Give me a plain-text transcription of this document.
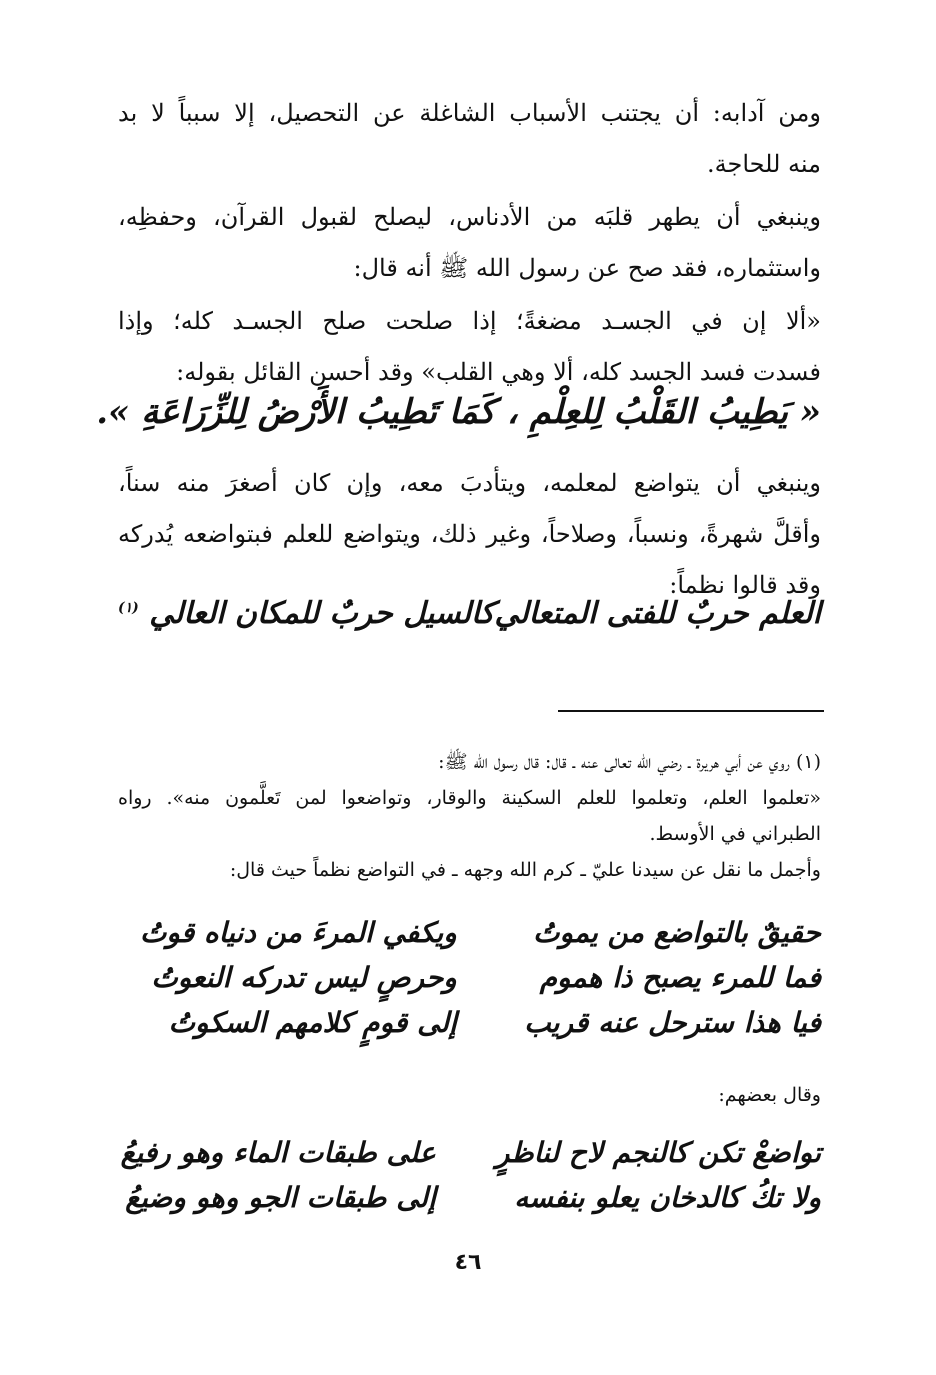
ومن آدابه: أن يجتنب الأسباب الشاغلة عن التحصيل، إلا سبباً لا بد
منه للحاجة.

وينبغي أن يطهر قلبَه من الأدناس، ليصلح لقبول القرآن، وحفظِه،
واستثماره، فقد صح عن رسول الله ﷺ أنه قال:

«ألا إن في الجسـد مضغةً؛ إذا صلحت صلح الجسـد كله؛ وإذا
فسدت فسد الجسد كله، ألا وهي القلب» وقد أحسن القائل بقوله:

« يَطِيبُ القَلْبُ لِلعِلْمِ ، كَمَا تَطِيبُ الأَرْضُ لِلزِّرَاعَةِ ».

وينبغي أن يتواضع لمعلمه، ويتأدبَ معه، وإن كان أصغرَ منه سناً،
وأقلَّ شهرةً، ونسباً، وصلاحاً، وغير ذلك، ويتواضع للعلم فبتواضعه يُدركه
وقد قالوا نظماً:

العلم حربٌ للفتى المتعالي
كالسيل حربٌ للمكان العالي $^{(١)}$

(١) روي عن أبي هريرة ـ رضي الله تعالى عنه ـ قال: قال رسول الله ﷺ:
«تعلموا العلم، وتعلموا للعلم السكينة والوقار، وتواضعوا لمن تَعلَّمون منه». رواه
الطبراني في الأوسط.
وأجمل ما نقل عن سيدنا عليّ ـ كرم الله وجهه ـ في التواضع نظماً حيث قال:

حقيقٌ بالتواضع من يموتُ
ويكفي المرءَ من دنياه قوتُ
فما للمرء يصبح ذا هموم
وحرصٍ ليس تدركه النعوتُ
فيا هذا سترحل عنه قريب
إلى قومٍ كلامهم السكوتُ

وقال بعضهم:

تواضعْ تكن كالنجم لاح لناظرٍ
على طبقات الماء وهو رفيعُ
ولا تكُ كالدخان يعلو بنفسه
إلى طبقات الجو وهو وضيعُ
٤٦
